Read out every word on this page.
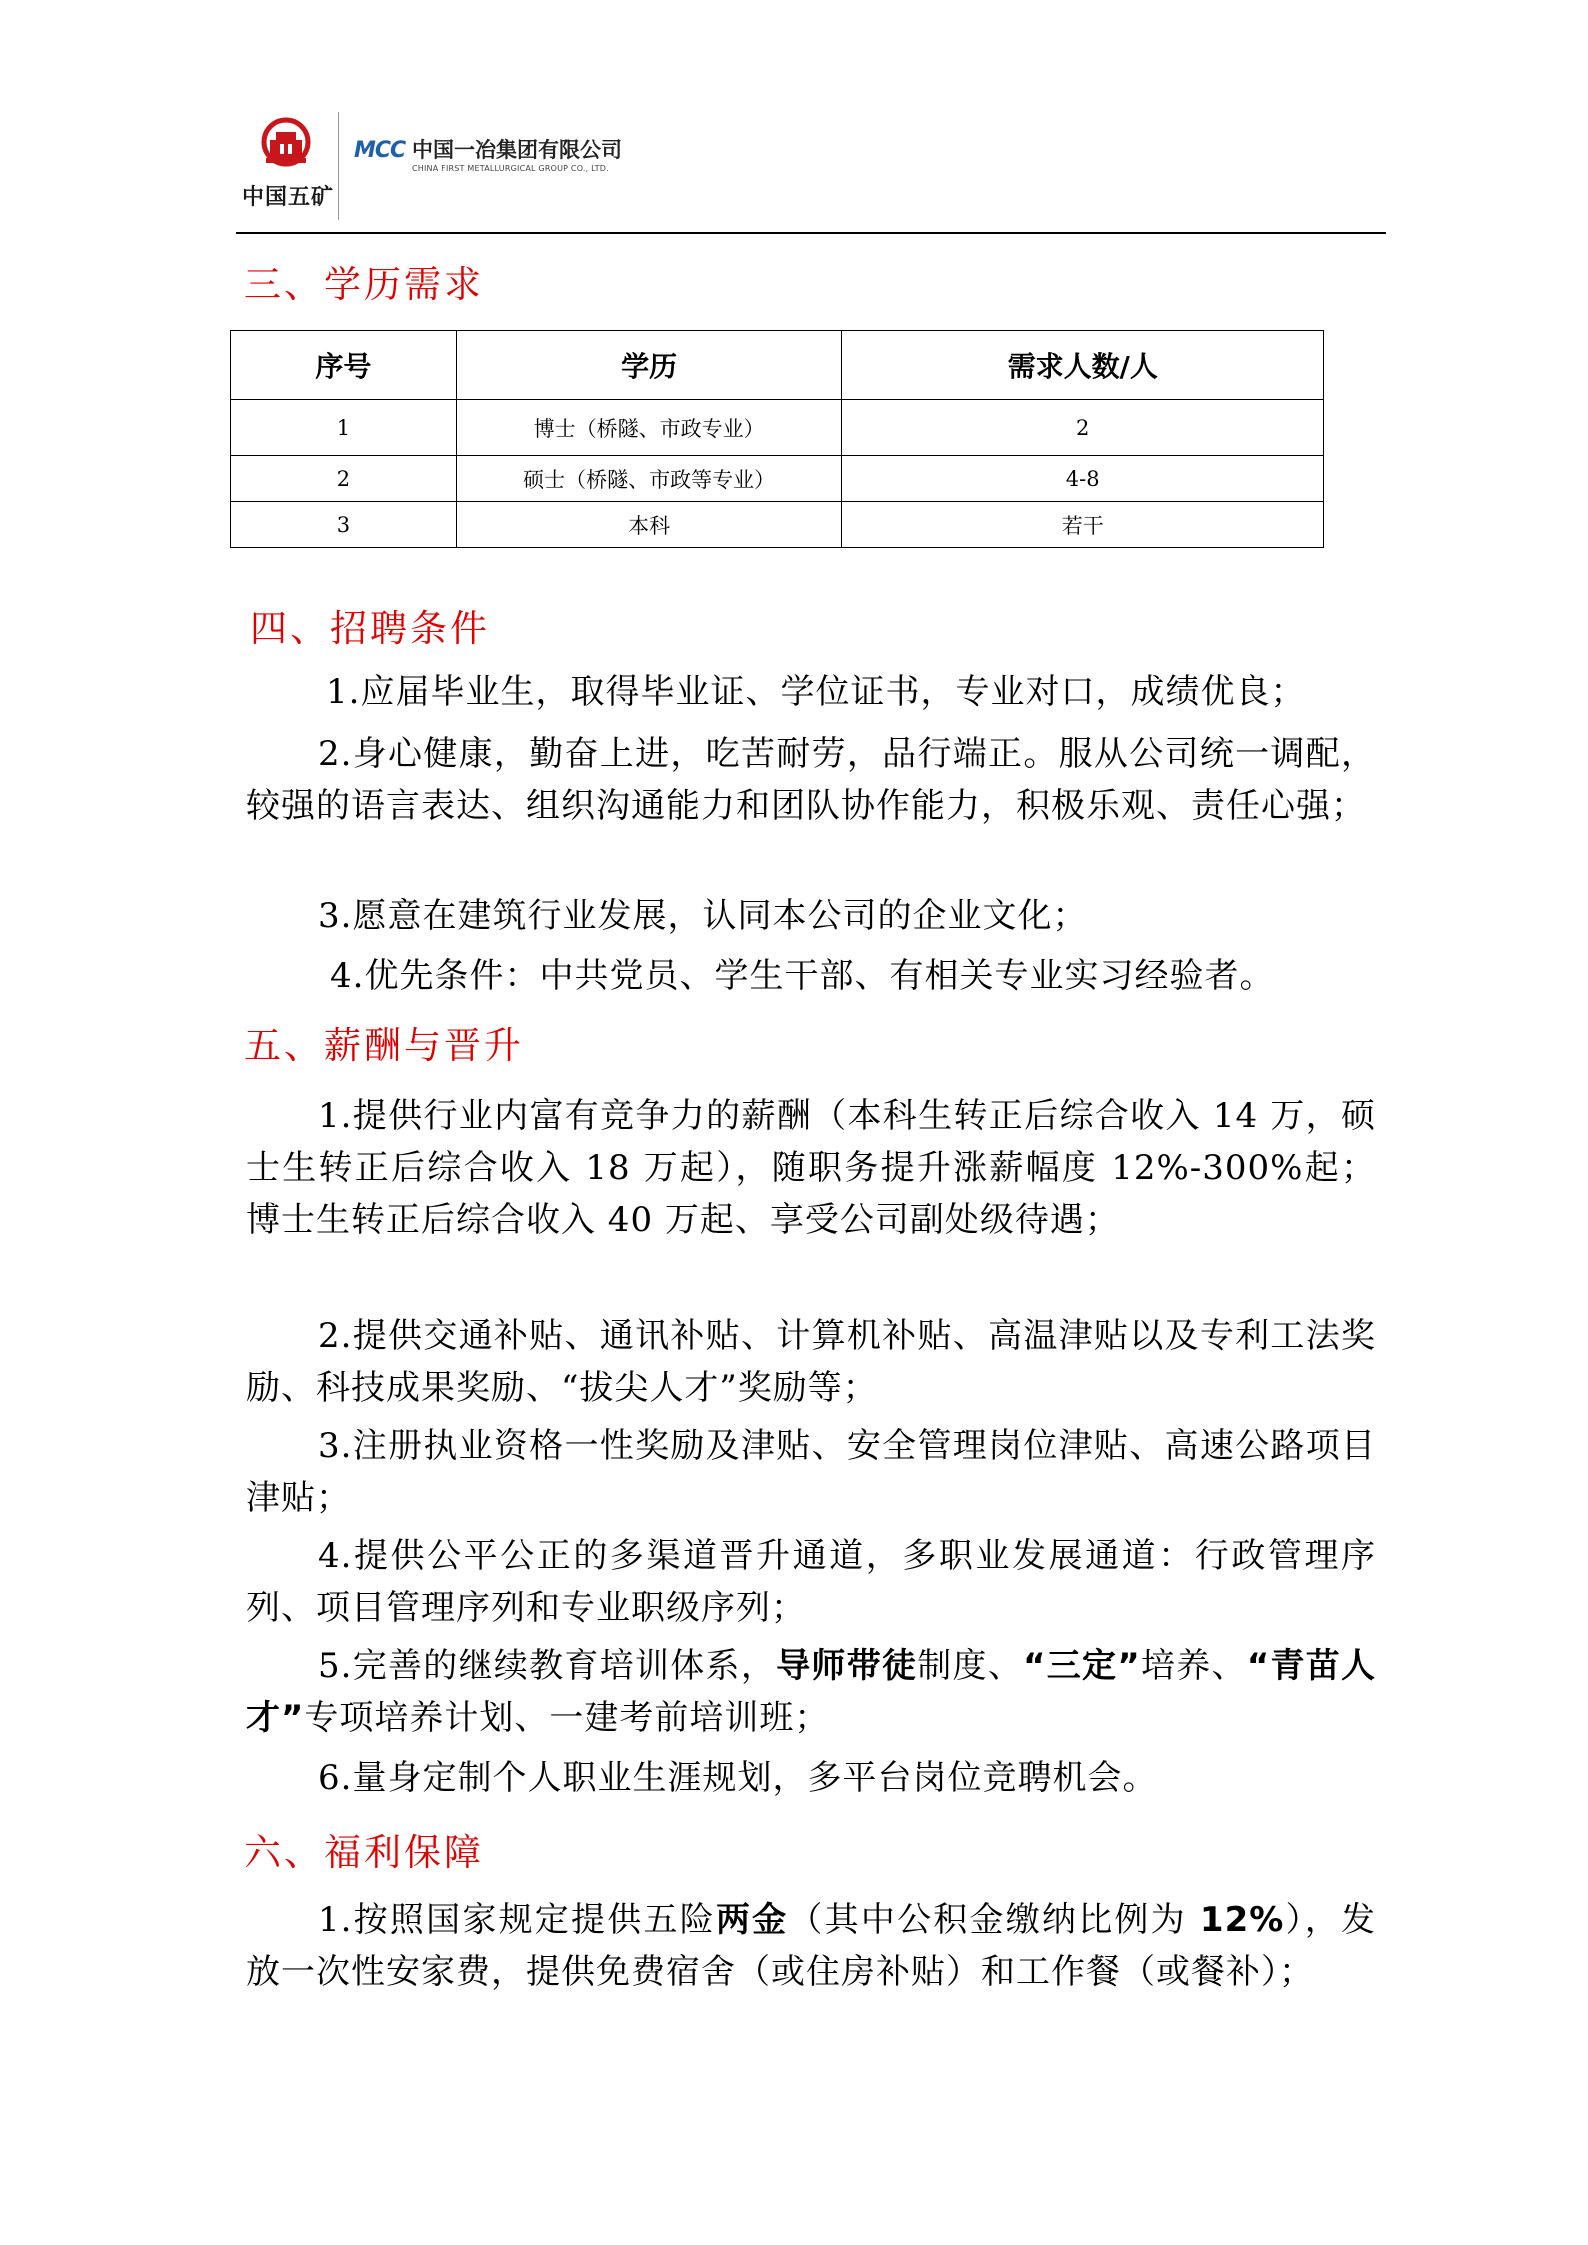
中国五矿
MCC 中国一冶集团有限公司
CHINA FIRST METALLURGICAL GROUP CO., LTD.
三、学历需求
序号	学历	需求人数/人
1	博士（桥隧、市政专业）	2
2	硕士（桥隧、市政等专业）	4-8
3	本科	若干
四、招聘条件
1.应届毕业生，取得毕业证、学位证书，专业对口，成绩优良；
2.身心健康，勤奋上进，吃苦耐劳，品行端正。服从公司统一调配，较强的语言表达、组织沟通能力和团队协作能力，积极乐观、责任心强；
3.愿意在建筑行业发展，认同本公司的企业文化；
4.优先条件：中共党员、学生干部、有相关专业实习经验者。
五、薪酬与晋升
1.提供行业内富有竞争力的薪酬（本科生转正后综合收入 14 万，硕士生转正后综合收入 18 万起），随职务提升涨薪幅度 12%-300%起；博士生转正后综合收入 40 万起、享受公司副处级待遇；
2.提供交通补贴、通讯补贴、计算机补贴、高温津贴以及专利工法奖励、科技成果奖励、“拔尖人才”奖励等；
3.注册执业资格一性奖励及津贴、安全管理岗位津贴、高速公路项目津贴；
4.提供公平公正的多渠道晋升通道，多职业发展通道：行政管理序列、项目管理序列和专业职级序列；
5.完善的继续教育培训体系，导师带徒制度、“三定”培养、“青苗人才”专项培养计划、一建考前培训班；
6.量身定制个人职业生涯规划，多平台岗位竞聘机会。
六、福利保障
1.按照国家规定提供五险两金（其中公积金缴纳比例为 12%），发放一次性安家费，提供免费宿舍（或住房补贴）和工作餐（或餐补）；
